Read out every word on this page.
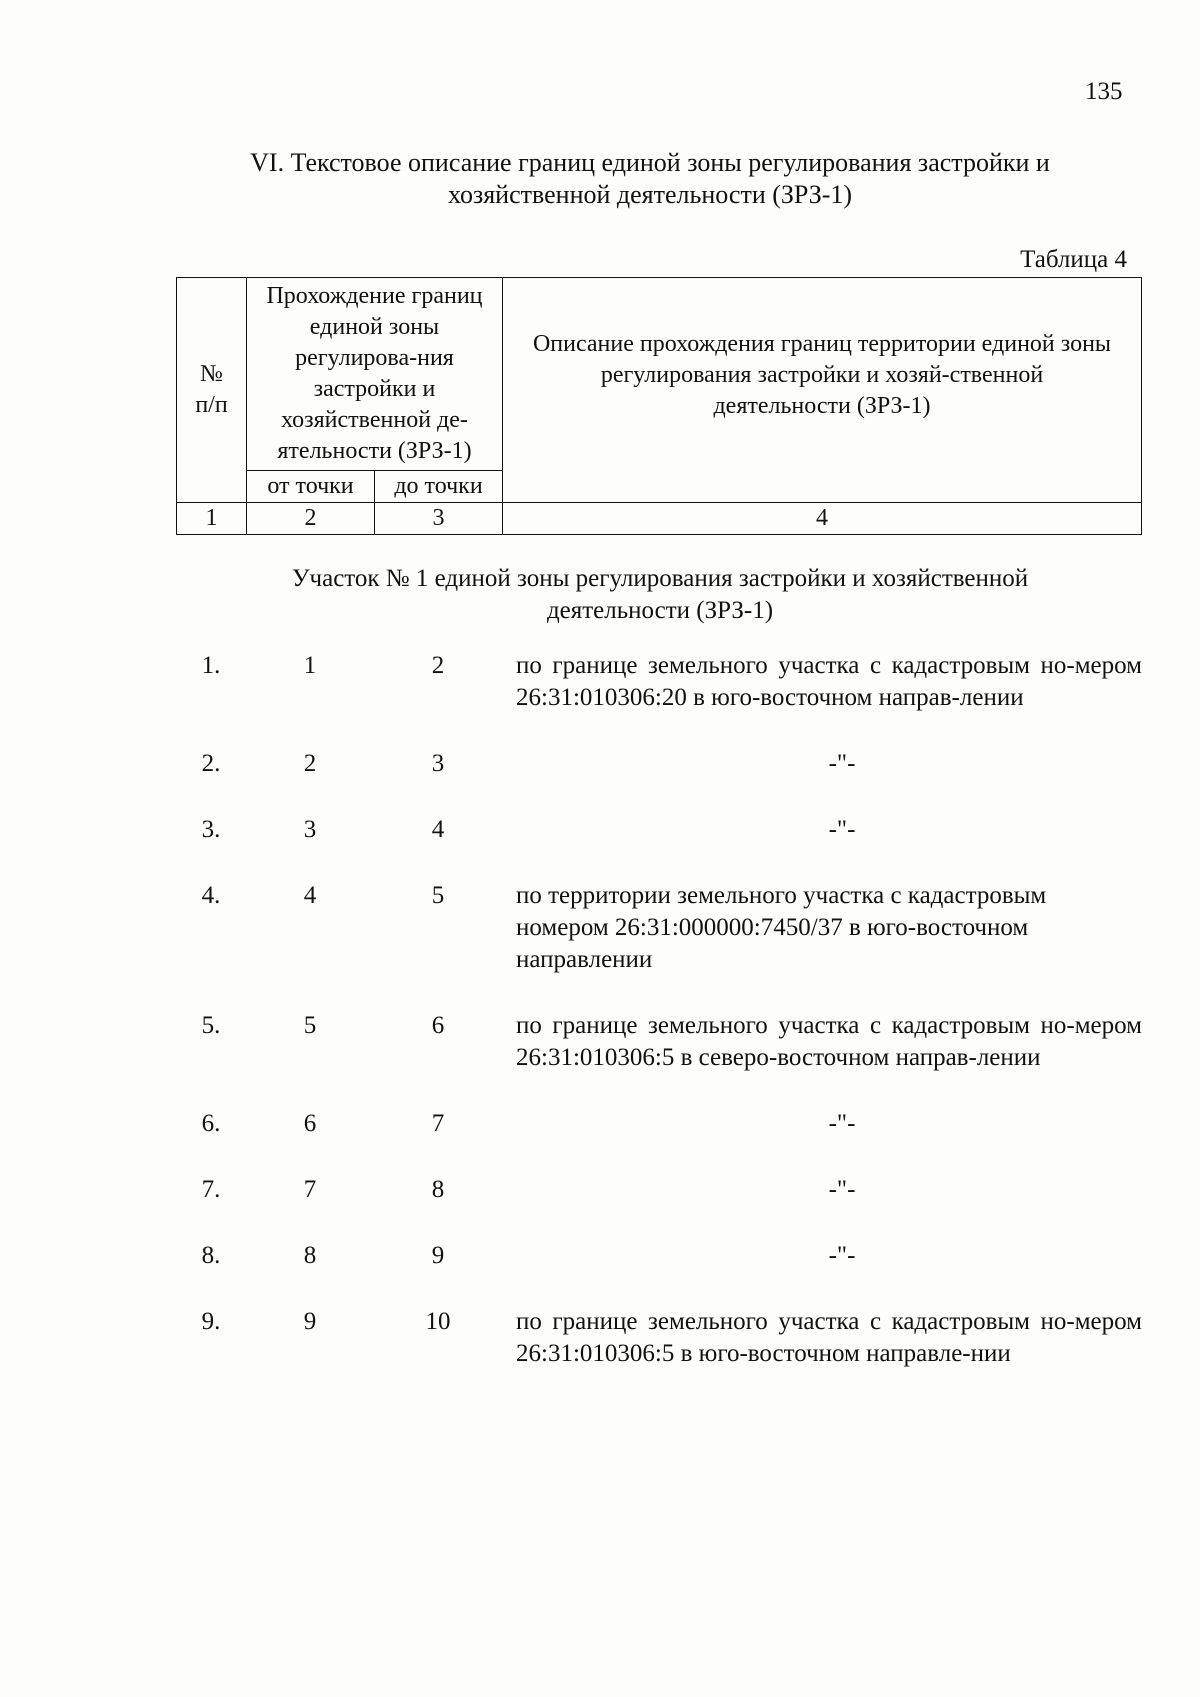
135
VI. Текстовое описание границ единой зоны регулирования застройки и
хозяйственной деятельности (ЗРЗ-1)
Таблица 4
№ п/п	Прохождение границ единой зоны регулирова-ния застройки и хозяйственной де-ятельности (ЗРЗ-1)		Описание прохождения границ территории единой зоны регулирования застройки и хозяй-ственной деятельности (ЗРЗ-1)
	от точки	до точки	
1	2	3	4
Участок № 1 единой зоны регулирования застройки и хозяйственной
деятельности (ЗРЗ-1)
1.	1	2	по границе земельного участка с кадастровым но-мером 26:31:010306:20 в юго-восточном направ-лении
2.	2	3	-"-
3.	3	4	-"-
4.	4	5	по территории земельного участка с кадастровым номером 26:31:000000:7450/37 в юго-восточном направлении
5.	5	6	по границе земельного участка с кадастровым но-мером 26:31:010306:5 в северо-восточном направ-лении
6.	6	7	-"-
7.	7	8	-"-
8.	8	9	-"-
9.	9	10	по границе земельного участка с кадастровым но-мером 26:31:010306:5 в юго-восточном направле-нии
